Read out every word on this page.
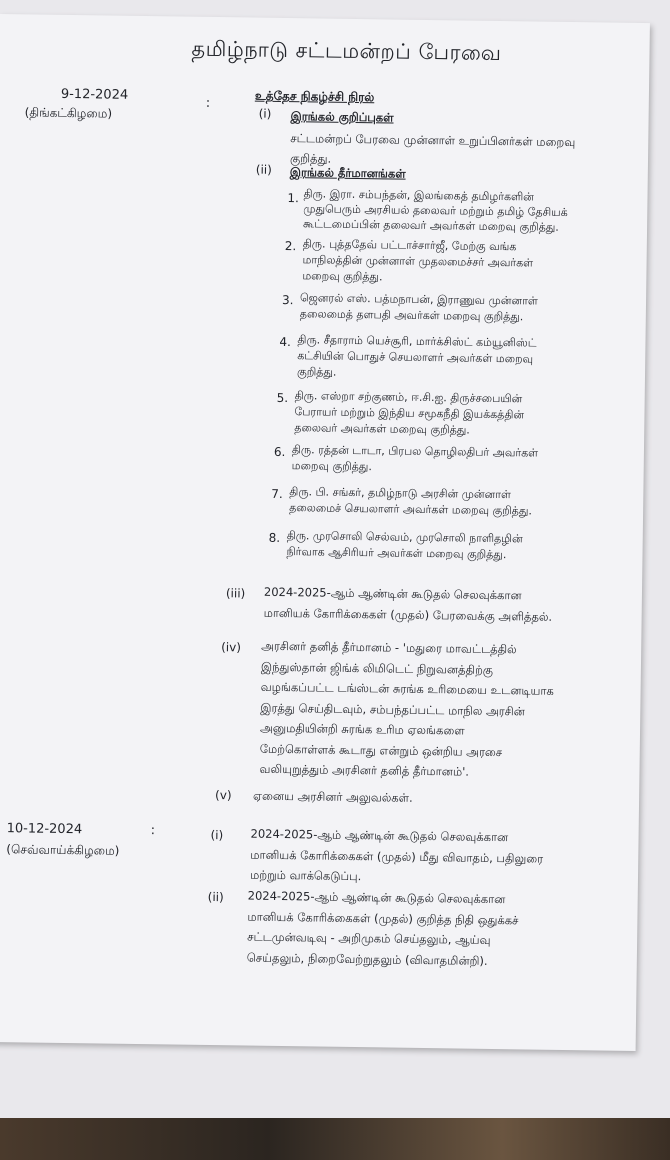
தமிழ்நாடு சட்டமன்றப் பேரவை
உத்தேச நிகழ்ச்சி நிரல்
9-12-2024
(திங்கட்கிழமை)
:
(i) இரங்கல் குறிப்புகள்
சட்டமன்றப் பேரவை முன்னாள் உறுப்பினர்கள் மறைவு
குறித்து.
(ii) இரங்கல் தீர்மானங்கள்
1. திரு. இரா. சம்பந்தன், இலங்கைத் தமிழர்களின்
முதுபெரும் அரசியல் தலைவர் மற்றும் தமிழ் தேசியக்
கூட்டமைப்பின் தலைவர் அவர்கள் மறைவு குறித்து.
2. திரு. புத்ததேவ் பட்டாச்சார்ஜீ, மேற்கு வங்க
மாநிலத்தின் முன்னாள் முதலமைச்சர் அவர்கள்
மறைவு குறித்து.
3. ஜெனரல் எஸ். பத்மநாபன், இராணுவ முன்னாள்
தலைமைத் தளபதி அவர்கள் மறைவு குறித்து.
4. திரு. சீதாராம் யெச்சூரி, மார்க்சிஸ்ட் கம்யூனிஸ்ட்
கட்சியின் பொதுச் செயலாளர் அவர்கள் மறைவு
குறித்து.
5. திரு. எஸ்றா சற்குணம், ஈ.சி.ஐ. திருச்சபையின்
பேராயர் மற்றும் இந்திய சமூகநீதி இயக்கத்தின்
தலைவர் அவர்கள் மறைவு குறித்து.
6. திரு. ரத்தன் டாடா, பிரபல தொழிலதிபர் அவர்கள்
மறைவு குறித்து.
7. திரு. பி. சங்கர், தமிழ்நாடு அரசின் முன்னாள்
தலைமைச் செயலாளர் அவர்கள் மறைவு குறித்து.
8. திரு. முரசொலி செல்வம், முரசொலி நாளிதழின்
நிர்வாக ஆசிரியர் அவர்கள் மறைவு குறித்து.
(iii) 2024-2025-ஆம் ஆண்டின் கூடுதல் செலவுக்கான
மானியக் கோரிக்கைகள் (முதல்) பேரவைக்கு அளித்தல்.
(iv) அரசினர் தனித் தீர்மானம் - 'மதுரை மாவட்டத்தில்
இந்துஸ்தான் ஜிங்க் லிமிடெட் நிறுவனத்திற்கு
வழங்கப்பட்ட டங்ஸ்டன் சுரங்க உரிமையை உடனடியாக
இரத்து செய்திடவும், சம்பந்தப்பட்ட மாநில அரசின்
அனுமதியின்றி சுரங்க உரிம ஏலங்களை
மேற்கொள்ளக் கூடாது என்றும் ஒன்றிய அரசை
வலியுறுத்தும் அரசினர் தனித் தீர்மானம்'.
(v) ஏனைய அரசினர் அலுவல்கள்.
10-12-2024
(செவ்வாய்க்கிழமை)
:	(i) 2024-2025-ஆம் ஆண்டின் கூடுதல் செலவுக்கான
மானியக் கோரிக்கைகள் (முதல்) மீது விவாதம், பதிலுரை
மற்றும் வாக்கெடுப்பு.
(ii) 2024-2025-ஆம் ஆண்டின் கூடுதல் செலவுக்கான
மானியக் கோரிக்கைகள் (முதல்) குறித்த நிதி ஒதுக்கச்
சட்டமுன்வடிவு - அறிமுகம் செய்தலும், ஆய்வு
செய்தலும், நிறைவேற்றுதலும் (விவாதமின்றி).
